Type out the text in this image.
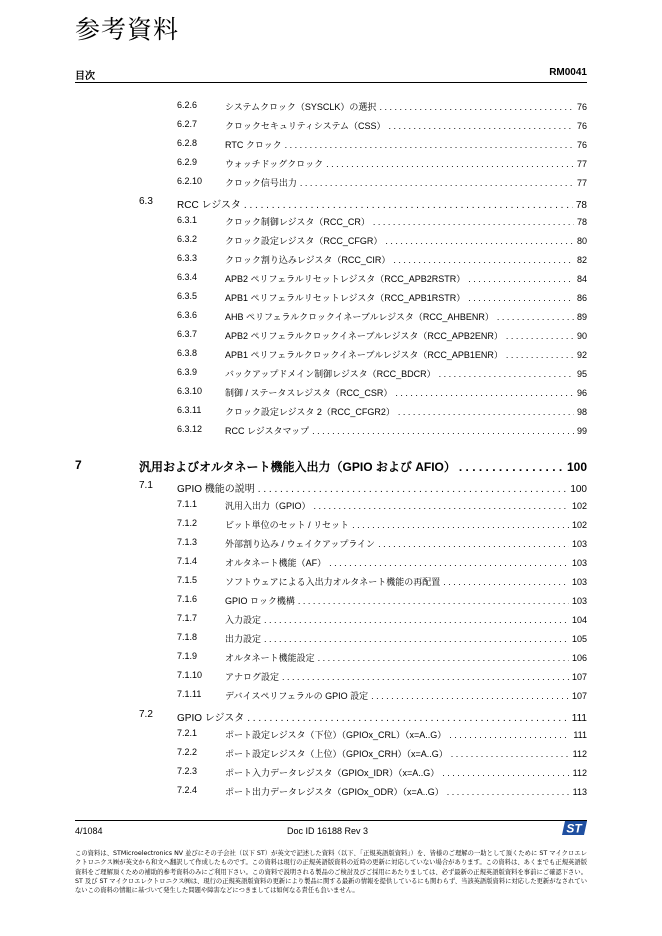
参考資料
目次	RM0041
6.2.6	システムクロック（SYSCLK）の選択 . . .	76
6.2.7	クロックセキュリティシステム（CSS） . . .	76
6.2.8	RTC クロック . . .	76
6.2.9	ウォッチドッグクロック . . .	77
6.2.10	クロック信号出力 . . .	77
6.3 RCC レジスタ . . .	78
6.3.1	クロック制御レジスタ（RCC_CR） . . .	78
6.3.2	クロック設定レジスタ（RCC_CFGR） . . .	80
6.3.3	クロック割り込みレジスタ（RCC_CIR） . . .	82
6.3.4	APB2 ペリフェラルリセットレジスタ（RCC_APB2RSTR） . . .	84
6.3.5	APB1 ペリフェラルリセットレジスタ（RCC_APB1RSTR） . . .	86
6.3.6	AHB ペリフェラルクロックイネーブルレジスタ（RCC_AHBENR） . . .	89
6.3.7	APB2 ペリフェラルクロックイネーブルレジスタ（RCC_APB2ENR） . . .	90
6.3.8	APB1 ペリフェラルクロックイネーブルレジスタ（RCC_APB1ENR） . . .	92
6.3.9	バックアップドメイン制御レジスタ（RCC_BDCR） . . .	95
6.3.10	制御 / ステータスレジスタ（RCC_CSR） . . .	96
6.3.11	クロック設定レジスタ 2（RCC_CFGR2） . . .	98
6.3.12	RCC レジスタマップ . . .	99
7	汎用およびオルタネート機能入出力（GPIO および AFIO） . . .	100
7.1 GPIO 機能の説明 . . .	100
7.1.1	汎用入出力（GPIO） . . .	102
7.1.2	ビット単位のセット / リセット . . .	102
7.1.3	外部割り込み / ウェイクアップライン . . .	103
7.1.4	オルタネート機能（AF） . . .	103
7.1.5	ソフトウェアによる入出力オルタネート機能の再配置 . . .	103
7.1.6	GPIO ロック機構 . . .	103
7.1.7	入力設定 . . .	104
7.1.8	出力設定 . . .	105
7.1.9	オルタネート機能設定 . . .	106
7.1.10	アナログ設定 . . .	107
7.1.11	デバイスペリフェラルの GPIO 設定 . . .	107
7.2 GPIO レジスタ . . .	111
7.2.1	ポート設定レジスタ（下位）（GPIOx_CRL）（x=A..G） . . .	111
7.2.2	ポート設定レジスタ（上位）（GPIOx_CRH）（x=A..G） . . .	112
7.2.3	ポート入力データレジスタ（GPIOx_IDR）（x=A..G） . . .	112
7.2.4	ポート出力データレジスタ（GPIOx_ODR）（x=A..G） . . .	113
4/1084	Doc ID 16188 Rev 3	ST
この資料は、STMicroelectronics NV 並びにその子会社（以下 ST）が英文で記述した資料（以下、「正規英語版資料」）を、皆様のご理解の一助として頂くために ST マイクロエレクトロニクス㈱が英文から和文へ翻訳して作成したものです。この資料は現行の正規英語版資料の近時の更新に対応していない場合があります。この資料は、あくまでも正規英語版資料をご理解頂くための補助的参考資料のみにご利用下さい。この資料で説明される製品のご検討及びご採用にあたりましては、必ず最新の正規英語版資料を事前にご確認下さい。ST 及び ST マイクロエレクトロニクス㈱は、現行の正規英語版資料の更新により製品に関する最新の情報を提供しているにも関わらず、当該英語版資料に対応した更新がなされていないこの資料の情報に基づいて発生した問題や障害などにつきましては如何なる責任も負いません。
